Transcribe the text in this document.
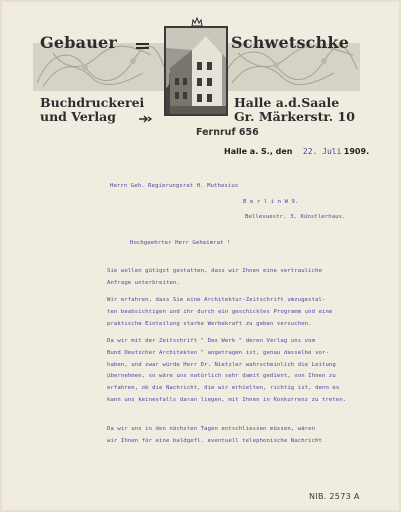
Gebauer	Schwetschke
Buchdruckerei
und Verlag
Halle a.d.Saale
Gr. Märkerstr. 10
Fernruf 656
Halle a. S., den 22. Juli 1909.
Herrn Geh. Regierungsrat H. Muthesius
B e r l i n W 9.
Bellevuestr. 3, Künstlerhaus.
Hochgeehrter Herr Geheimrat !
Sie wollen gütigst gestatten, dass wir Ihnen eine vertrauliche
Anfrage unterbreiten.
Wir erfahren, dass Sie eine Architektur-Zeitschrift umzugestal-
ten beabsichtigen und ihr durch ein geschicktes Programm und eine
praktische Einteilung starke Werbekraft zu geben versuchen.
Da wir mit der Zeitschrift " Das Werk " deren Verlag uns vom
Bund Deutscher Architekten " angetragen ist, genau dasselbe vor-
haben, und zwar würde Herr Dr. Nietzler wahrscheinlich die Leitung
übernehmen, so wäre uns natürlich sehr damit gedient, von Ihnen zu
erfahren, ob die Nachricht, die wir erhielten, richtig ist, denn es
kann uns keinesfalls daran liegen, mit Ihnen in Konkurrenz zu treten.
Da wir uns in den nächsten Tagen entschliessen müssen, wären
wir Ihnen für eine baldgefl. eventuell telephonische Nachricht
NIB. 2573 A
